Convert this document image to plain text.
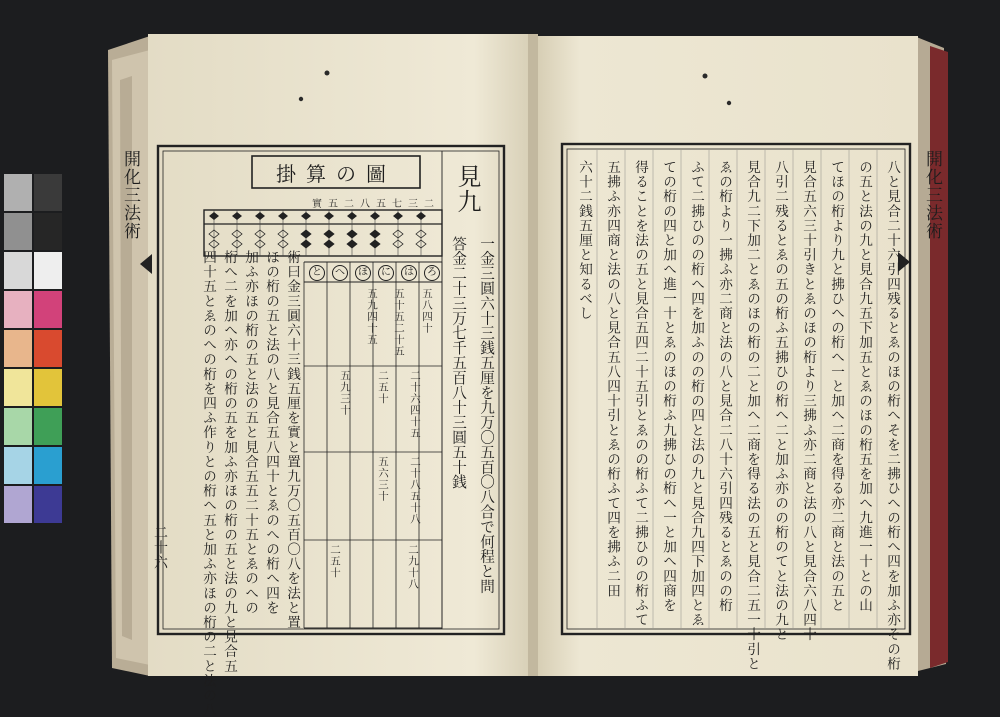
開化三法術
二十六
掛算の圖
實五二八五七三二 見九
一金三圓六十三銭五厘を九万〇五百〇八合で何程と問
答金二十三万七千五百八十三圓五十銭
ろ
は
に
ほ
へ
と
五八四十
五十五二十五
五九四十五
二十六四十五
二五十
五九三十
五六三十 二十八五十八
二五十	二九十八
術曰金三圓六十三銭五厘を實と置九万〇五百〇八を法と置
ほの桁の五と法の八と見合五八四十とゑのへの桁へ四を
加ふ亦ほの桁の五と法の五と見合五五二十五とゑのへの
桁へ二を加へ亦への桁の五を加ふ亦ほの桁の五と法の九と見合五
四十五とゑのへの桁を四ふ作りとの桁へ五と加ふ亦ほの桁の二と法の八
開化三法術
八と見合二十六引四残るとゑのほの桁へそを二拂ひへの桁へ四を加ふ亦その桁
の五と法の九と見合九五下加五とゑのほの桁五を加へ九進一十との山
てほの桁より九と拂ひへの桁へ一と加へ二商を得る亦二商と法の五と
見合五六三十引きとゑのほの桁より三拂ふ亦二商と法の八と見合六八四十
八引二残るとゑの五の桁ふ五拂ひの桁へ二と加ふ亦のの桁のてと法の九と
見合九二下加二とゑのほの桁の二と加へ二商を得る法の五と見合二五一十引と
ゑの桁より一拂ふ亦二商と法の八と見合二八十六引四残るとゑのの桁
ふて二拂ひのの桁へ四を加ふのの桁の四と法の九と見合九四下加四とゑ
ての桁の四と加へ進一十とゑのほの桁ふ九拂ひの桁へ一と加へ四商を
得ることを法の五と見合五四二十五引とゑのの桁ふて二拂ひのの桁ふて
五拂ふ亦四商と法の八と見合五八四十引とゑの桁ふて四を拂ふ二田
六十二銭五厘と知るべし
